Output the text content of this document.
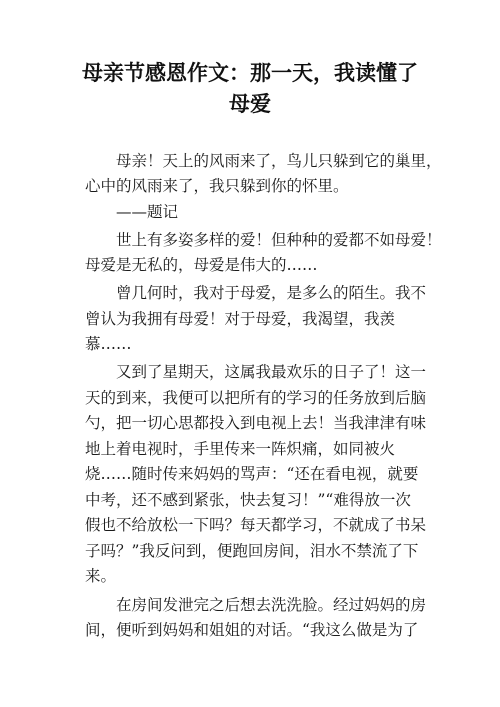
母亲节感恩作文：那一天，我读懂了
母爱
母亲！天上的风雨来了，鸟儿只躲到它的巢里，
心中的风雨来了，我只躲到你的怀里。
——题记
世上有多姿多样的爱！但种种的爱都不如母爱！
母爱是无私的，母爱是伟大的……
曾几何时，我对于母爱，是多么的陌生。我不
曾认为我拥有母爱！对于母爱，我渴望，我羡
慕……
又到了星期天，这属我最欢乐的日子了！这一
天的到来，我便可以把所有的学习的任务放到后脑
勺，把一切心思都投入到电视上去！当我津津有味
地上着电视时，手里传来一阵炽痛，如同被火
烧……随时传来妈妈的骂声：“还在看电视，就要
中考，还不感到紧张，快去复习！”“难得放一次
假也不给放松一下吗？每天都学习，不就成了书呆
子吗？”我反问到，便跑回房间，泪水不禁流了下
来。
在房间发泄完之后想去洗洗脸。经过妈妈的房
间，便听到妈妈和姐姐的对话。“我这么做是为了
